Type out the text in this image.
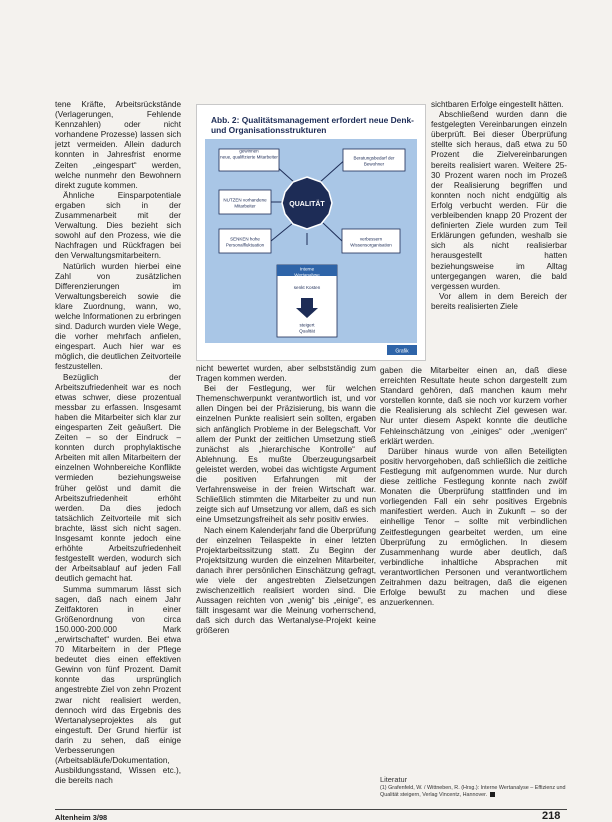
tene Kräfte, Arbeitsrückstände (Verlagerungen, Fehlende Kennzahlen) oder nicht vorhandene Prozesse) lassen sich jetzt vermeiden. Allein dadurch konnten in Jahresfrist enorme Zeiten „eingespart“ werden, welche nunmehr den Bewohnern direkt zugute kommen.

Ähnliche Einsparpotentiale ergaben sich in der Zusammenarbeit mit der Verwaltung. Dies bezieht sich sowohl auf den Prozess, wie die Nachfragen und Rückfragen bei den Verwaltungsmitarbeitern.

Natürlich wurden hierbei eine Zahl von zusätzlichen Differenzierungen im Verwaltungsbereich sowie die klare Zuordnung, wann, wo, welche Informationen zu erbringen sind. Dadurch wurden viele Wege, die vorher mehrfach anfielen, eingespart. Auch hier war es möglich, die deutlichen Zeitvorteile festzustellen.

Bezüglich der Arbeitszufriedenheit war es noch etwas schwer, diese prozentual messbar zu erfassen. Insgesamt haben die Mitarbeiter sich klar zur eingesparten Zeit geäußert. Die Zeiten – so der Eindruck – konnten durch prophylaktische Arbeiten mit allen Mitarbeitern der einzelnen Wohnbereiche Konflikte vermieden beziehungsweise früher gelöst und damit die Arbeitszufriedenheit erhöht werden. Da dies jedoch tatsächlich Zeitvorteile mit sich brachte, lässt sich nicht sagen. Insgesamt konnte jedoch eine erhöhte Arbeitszufriedenheit festgestellt werden, wodurch sich der Arbeitsablauf auf jeden Fall deutlich gemacht hat.

Summa summarum lässt sich sagen, daß nach einem Jahr Zeitfaktoren in einer Größenordnung von circa 150.000-200.000 Mark „erwirtschaftet“ wurden. Bei etwa 70 Mitarbeitern in der Pflege bedeutet dies einen effektiven Gewinn von fünf Prozent. Damit konnte das ursprünglich angestrebte Ziel von zehn Prozent zwar nicht realisiert werden, dennoch wird das Ergebnis des Wertanalyseprojektes als gut eingestuft. Der Grund hierfür ist darin zu sehen, daß einige Verbesserungen (Arbeitsabläufe/Dokumentation, Ausbildungsstand, Wissen etc.), die bereits nach

gewinnen neue, qualifizierte Mitarbeiter
NUTZEN vorhandene Mitarbeiter
SENKEN hohe Personalfluktuation
Beratungsbedarf der Bewohner
verbessern Wissensorganisation
QUALITÄT
Interne Wertanalyse
senkt Kosten
steigert Qualität
Grafik
Abb. 2: Qualitätsmanagement erfordert neue Denk- und Organisationsstrukturen

nicht bewertet wurden, aber selbstständig zum Tragen kommen werden.

Bei der Festlegung, wer für welchen Themenschwerpunkt verantwortlich ist, und vor allen Dingen bei der Präzisierung, bis wann die einzelnen Punkte realisiert sein sollten, ergaben sich anfänglich Probleme in der Belegschaft. Vor allem der Punkt der zeitlichen Umsetzung stieß zunächst als „hierarchische Kontrolle“ auf Ablehnung. Es mußte Überzeugungsarbeit geleistet werden, wobei das wichtigste Argument die positiven Erfahrungen mit der Verfahrensweise in der freien Wirtschaft war. Schließlich stimmten die Mitarbeiter zu und nun zeigte sich auf Umsetzung vor allem, daß es sich eine Umsetzungsfreiheit als sehr positiv erwies.

Nach einem Kalenderjahr fand die Überprüfung der einzelnen Teilaspekte in einer letzten Projektarbeitssitzung statt. Zu Beginn der Projektsitzung wurden die einzelnen Mitarbeiter, danach ihrer persönlichen Einschätzung gefragt, wie viele der angestrebten Zielsetzungen zwischenzeitlich realisiert worden sind. Die Aussagen reichten von „wenig“ bis „einige“, es fällt insgesamt war die Meinung vorherrschend, daß sich durch das Wertanalyse-Projekt keine größeren

sichtbaren Erfolge eingestellt hätten.

Abschließend wurden dann die festgelegten Vereinbarungen einzeln überprüft. Bei dieser Überprüfung stellte sich heraus, daß etwa zu 50 Prozent die Zielvereinbarungen bereits realisiert waren. Weitere 25-30 Prozent waren noch im Prozeß der Realisierung begriffen und konnten noch nicht endgültig als Erfolg verbucht werden. Für die verbleibenden knapp 20 Prozent der definierten Ziele wurden zum Teil Erklärungen gefunden, weshalb sie sich als nicht realisierbar herausgestellt hatten beziehungsweise im Alltag untergegangen waren, die bald vergessen wurden.

Vor allem in dem Bereich der bereits realisierten Ziele

gaben die Mitarbeiter einen an, daß diese erreichten Resultate heute schon dargestellt zum Standard gehören, daß manchen kaum mehr vorstellen konnte, daß sie noch vor kurzem vorher die Realisierung als schlecht Ziel gewesen war. Nur unter diesem Aspekt konnte die deutliche Fehleinschätzung von „einiges“ oder „wenigen“ erklärt werden.

Darüber hinaus wurde von allen Beteiligten positiv hervorgehoben, daß schließlich die zeitliche Festlegung mit aufgenommen wurde. Nur durch diese zeitliche Festlegung konnte nach zwölf Monaten die Überprüfung stattfinden und im vorliegenden Fall ein sehr positives Ergebnis manifestiert werden. Auch in Zukunft – so der einhellige Tenor – sollte mit verbindlichen Zeitfestlegungen gearbeitet werden, um eine Überprüfung zu ermöglichen. In diesem Zusammenhang wurde aber deutlich, daß verbindliche inhaltliche Absprachen mit verantwortlichen Personen und verantwortlichem Zeitrahmen dazu beitragen, daß die eigenen Erfolge bewußt zu machen und diese anzuerkennen.

Literatur
(1) Grafenfeld, W. / Wittneben, R. (Hrsg.): Interne Wertanalyse – Effizienz und Qualität steigern, Verlag Vincentz, Hannover.
Altenheim 3/98	218
